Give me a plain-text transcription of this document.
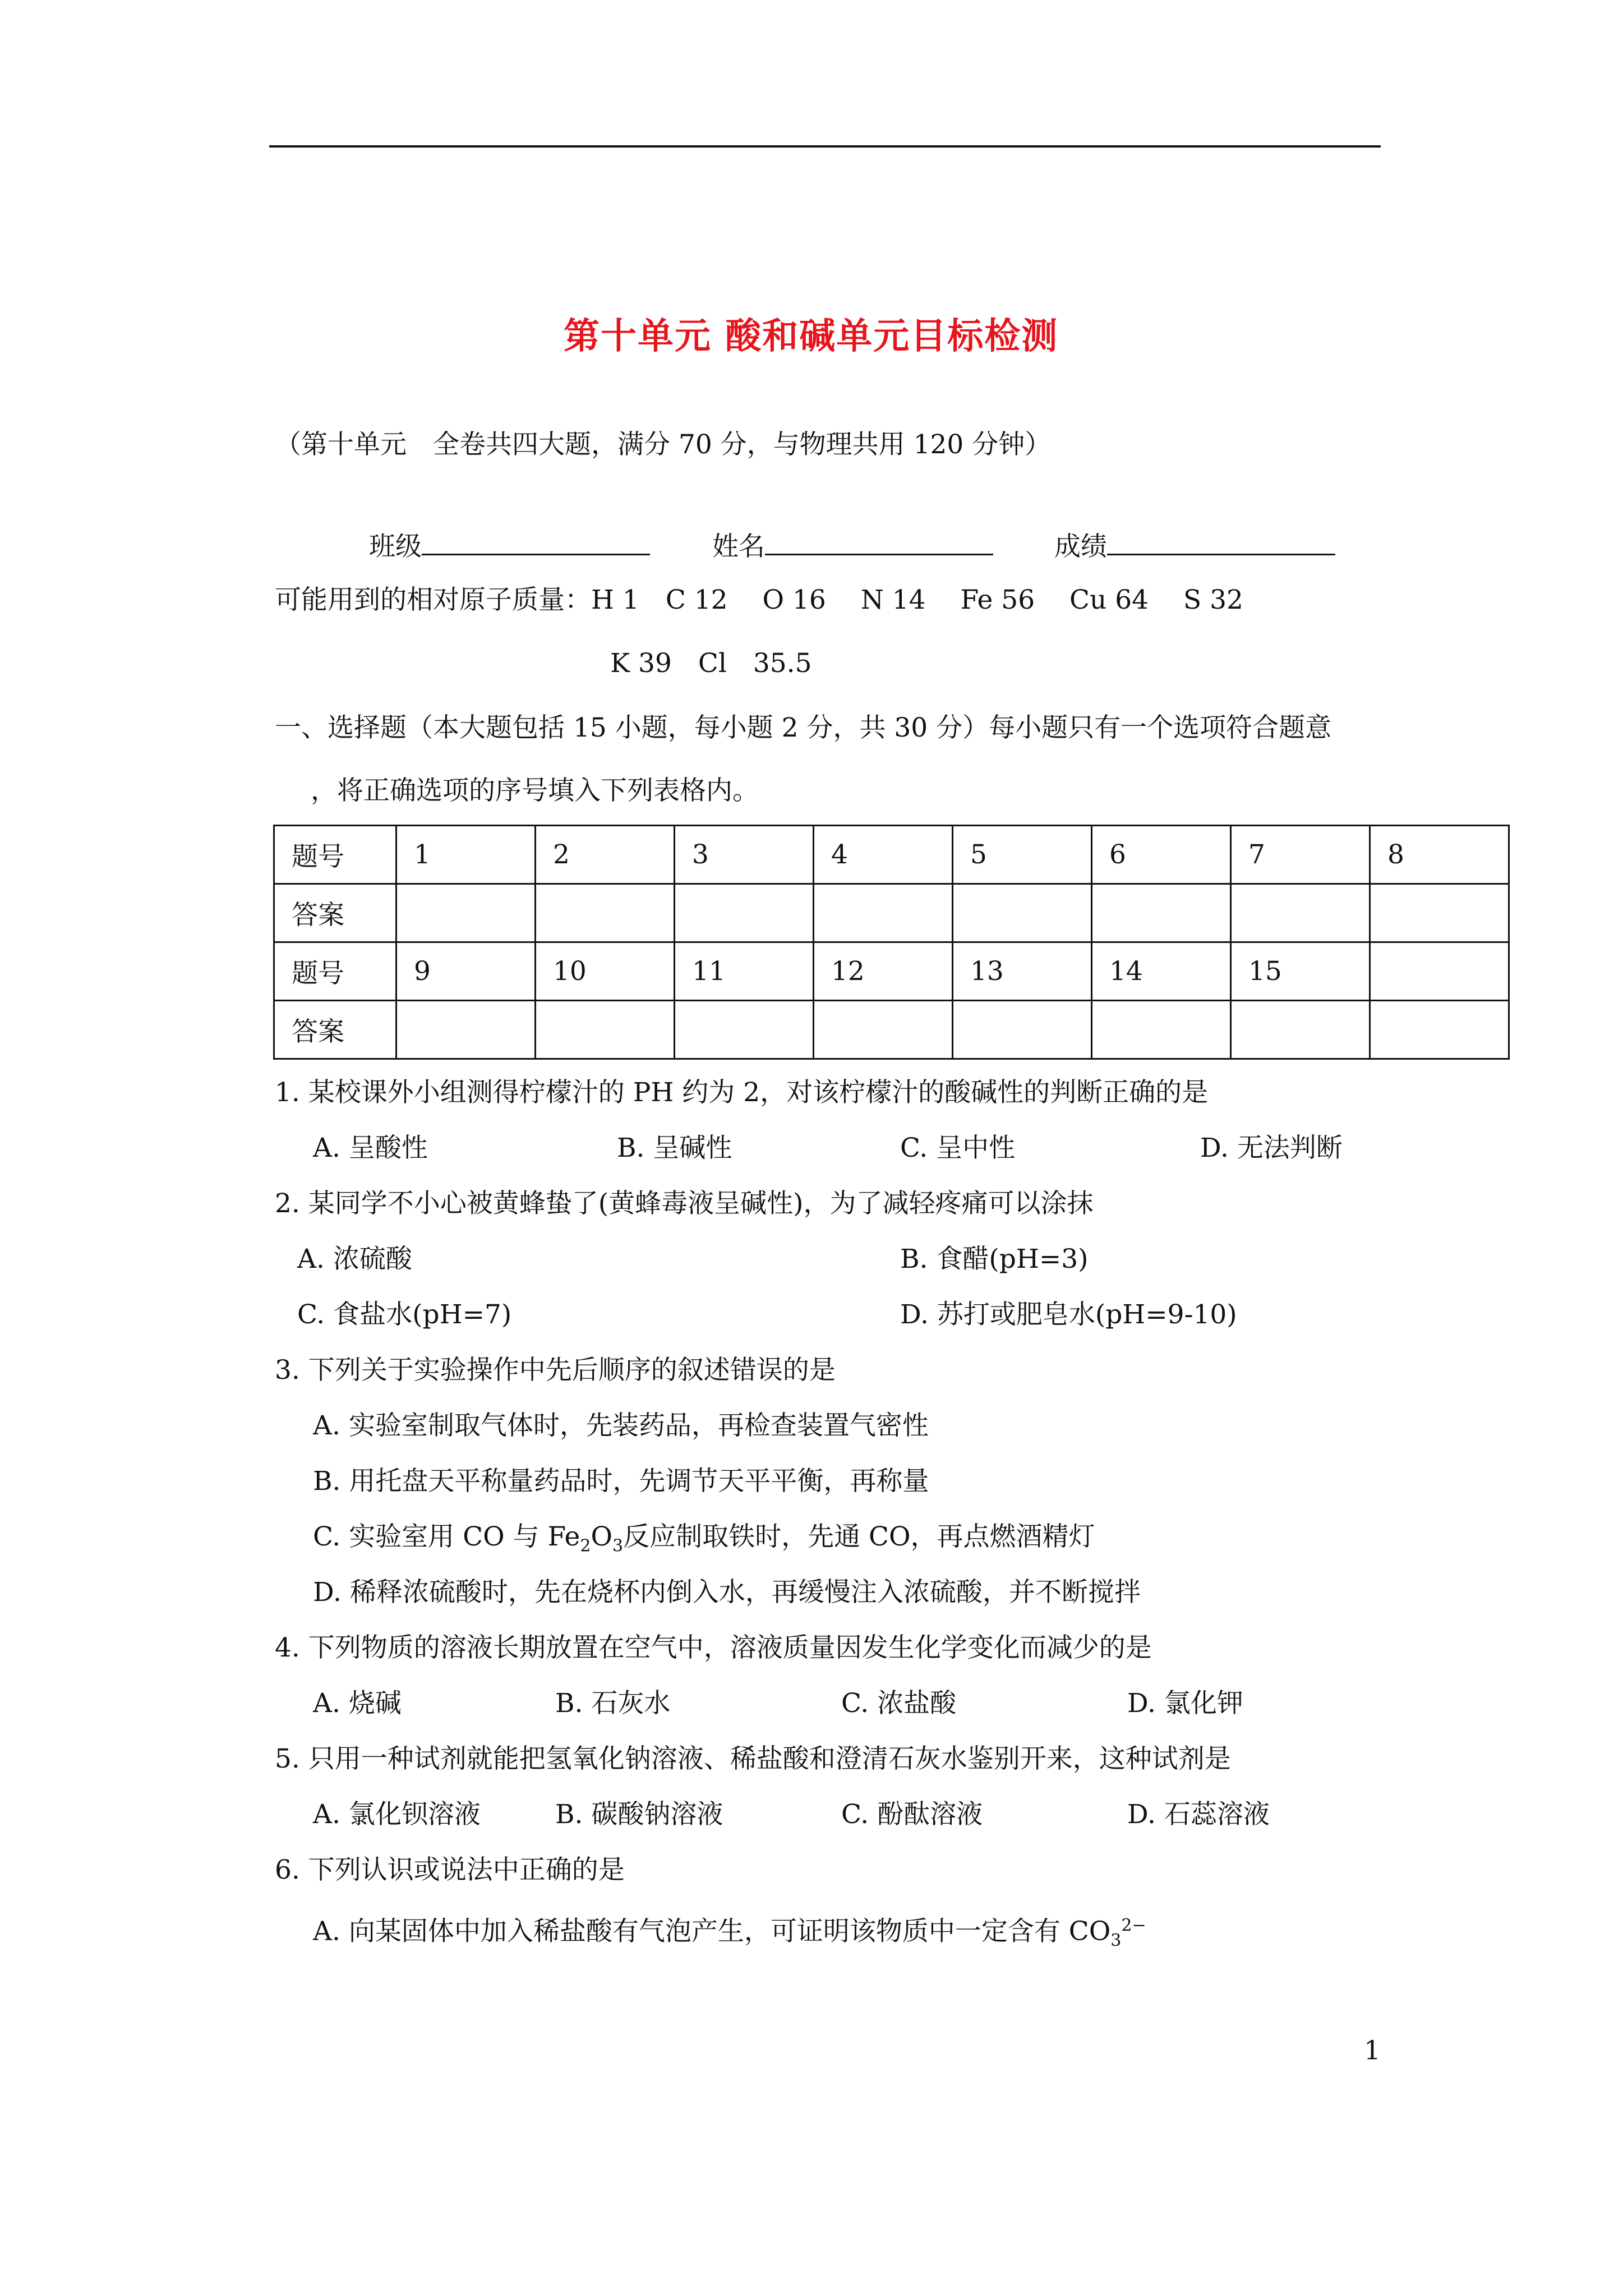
第十单元 酸和碱单元目标检测
（第十单元　全卷共四大题，满分 70 分，与物理共用 120 分钟）
班级	姓名	成绩
可能用到的相对原子质量：H 1　C 12　 O 16　 N 14　 Fe 56　 Cu 64　 S 32
K 39　Cl　35.5
一、选择题（本大题包括 15 小题，每小题 2 分，共 30 分）每小题只有一个选项符合题意
，将正确选项的序号填入下列表格内。
题号	1	2	3	4	5	6	7	8
答案								
题号	9	10	11	12	13	14	15	
答案								
1. 某校课外小组测得柠檬汁的 PH 约为 2，对该柠檬汁的酸碱性的判断正确的是
A. 呈酸性	B. 呈碱性	C. 呈中性	D. 无法判断
2. 某同学不小心被黄蜂蛰了(黄蜂毒液呈碱性)，为了减轻疼痛可以涂抹
A. 浓硫酸	B. 食醋(pH=3)
C. 食盐水(pH=7)	D. 苏打或肥皂水(pH=9-10)
3. 下列关于实验操作中先后顺序的叙述错误的是
A. 实验室制取气体时，先装药品，再检查装置气密性
B. 用托盘天平称量药品时，先调节天平平衡，再称量
C. 实验室用 CO 与 $Fe_2O_3$反应制取铁时，先通 CO，再点燃酒精灯
D. 稀释浓硫酸时，先在烧杯内倒入水，再缓慢注入浓硫酸，并不断搅拌
4. 下列物质的溶液长期放置在空气中，溶液质量因发生化学变化而减少的是
A. 烧碱	B. 石灰水	C. 浓盐酸	D. 氯化钾
5. 只用一种试剂就能把氢氧化钠溶液、稀盐酸和澄清石灰水鉴别开来，这种试剂是
A. 氯化钡溶液	B. 碳酸钠溶液	C. 酚酞溶液	D. 石蕊溶液
6. 下列认识或说法中正确的是
A. 向某固体中加入稀盐酸有气泡产生，可证明该物质中一定含有 $CO_3^{2-}$
1
